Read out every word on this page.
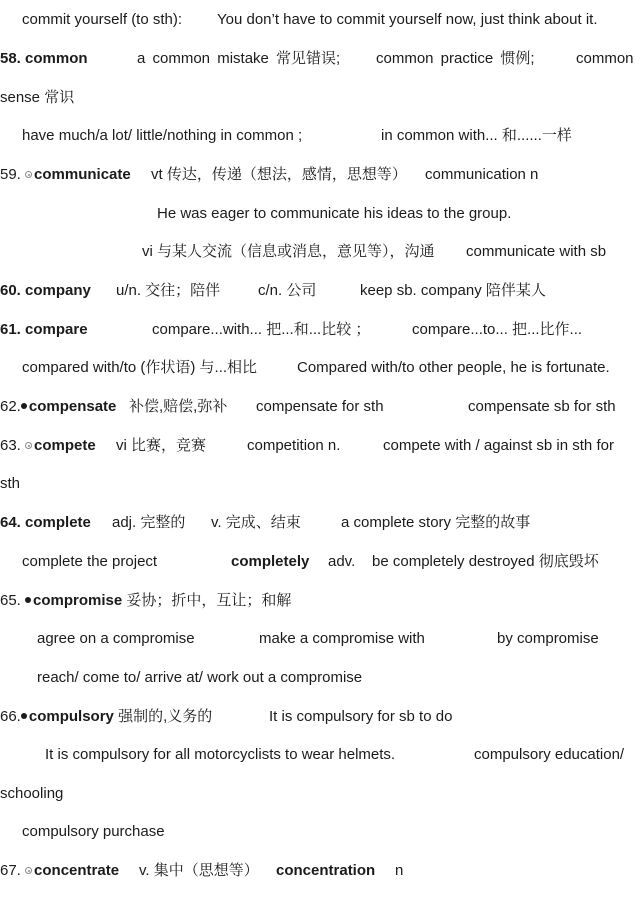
commit yourself (to sth): You don’t have to commit yourself now, just think about it.
58. common	a common mistake 常见错误; common practice 惯例;	common
sense 常识
have much/a lot/ little/nothing in common ;	in common with... 和......一样
59. communicate vt 传达，传递（想法，感情，思想等） communication n
He was eager to communicate his ideas to the group.
vi 与某人交流（信息或消息，意见等），沟通 communicate with sb
60. company u/n. 交往；陪伴	c/n. 公司	keep sb. company 陪伴某人
61. compare	compare...with... 把...和...比较 ；	compare...to... 把...比作...
compared with/to (作状语) 与...相比	Compared with/to other people, he is fortunate.
62. compensate 补偿,赔偿,弥补 compensate for sth	compensate sb for sth
63. compete vi 比赛，竞赛	competition n.	compete with / against sb in sth for
sth
64. complete adj. 完整的 v. 完成、结束	a complete story 完整的故事
complete the project	completely adv. be completely destroyed 彻底毁坏
65. compromise 妥协；折中，互让；和解
agree on a compromise	make a compromise with	by compromise
reach/ come to/ arrive at/ work out a compromise
66. compulsory 强制的,义务的	It is compulsory for sb to do
It is compulsory for all motorcyclists to wear helmets.	compulsory education/
schooling
compulsory purchase
67. concentrate v. 集中（思想等） concentration n
